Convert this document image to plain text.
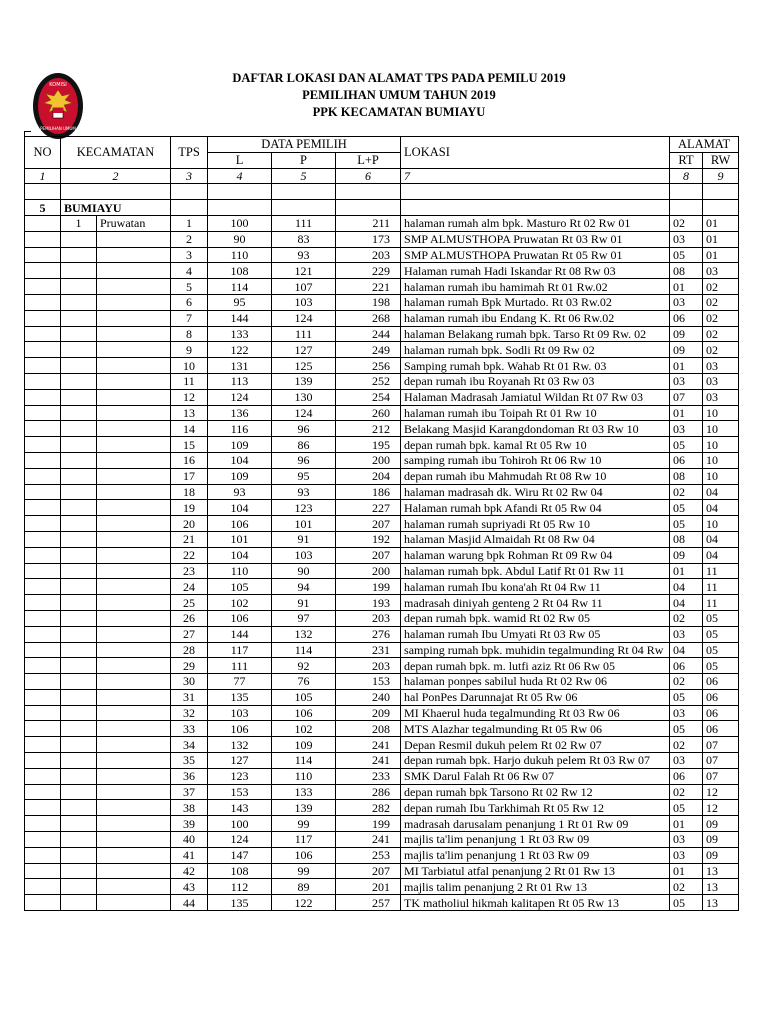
KOMISI
PEMILIHAN UMUM
DAFTAR LOKASI DAN ALAMAT TPS PADA PEMILU 2019
PEMILIHAN UMUM TAHUN 2019
PPK KECAMATAN BUMIAYU
NO	KECAMATAN		TPS	DATA PEMILIH			LOKASI	ALAMAT	
				L	P	L+P		RT	RW
1	2		3	4	5	6	7	8	9

5	BUMIAYU								
	1	Pruwatan	1	100	111	211	halaman rumah alm bpk. Masturo Rt 02 Rw 01	02	01
			2	90	83	173	SMP ALMUSTHOPA Pruwatan Rt 03 Rw 01	03	01
			3	110	93	203	SMP ALMUSTHOPA Pruwatan Rt 05 Rw 01	05	01
			4	108	121	229	Halaman rumah Hadi Iskandar Rt 08 Rw 03	08	03
			5	114	107	221	halaman rumah ibu hamimah Rt 01 Rw.02	01	02
			6	95	103	198	halaman rumah Bpk Murtado. Rt 03 Rw.02	03	02
			7	144	124	268	halaman rumah ibu Endang K. Rt 06 Rw.02	06	02
			8	133	111	244	halaman Belakang rumah bpk. Tarso Rt 09 Rw. 02	09	02
			9	122	127	249	halaman rumah bpk. Sodli Rt 09 Rw 02	09	02
			10	131	125	256	Samping rumah bpk. Wahab Rt 01 Rw. 03	01	03
			11	113	139	252	depan rumah ibu Royanah Rt 03 Rw 03	03	03
			12	124	130	254	Halaman Madrasah Jamiatul Wildan Rt 07 Rw 03	07	03
			13	136	124	260	halaman rumah ibu Toipah Rt 01 Rw 10	01	10
			14	116	96	212	Belakang Masjid Karangdondoman Rt 03 Rw 10	03	10
			15	109	86	195	depan rumah bpk. kamal Rt 05 Rw 10	05	10
			16	104	96	200	samping rumah ibu Tohiroh Rt 06 Rw 10	06	10
			17	109	95	204	depan rumah ibu Mahmudah Rt 08 Rw 10	08	10
			18	93	93	186	halaman madrasah dk. Wiru Rt 02 Rw 04	02	04
			19	104	123	227	Halaman rumah bpk Afandi Rt 05 Rw 04	05	04
			20	106	101	207	halaman rumah supriyadi Rt 05 Rw 10	05	10
			21	101	91	192	halaman Masjid Almaidah Rt 08 Rw 04	08	04
			22	104	103	207	halaman warung bpk Rohman Rt 09 Rw 04	09	04
			23	110	90	200	halaman rumah bpk. Abdul Latif Rt 01 Rw 11	01	11
			24	105	94	199	halaman rumah Ibu kona'ah Rt 04 Rw 11	04	11
			25	102	91	193	madrasah diniyah genteng 2 Rt 04 Rw 11	04	11
			26	106	97	203	depan rumah bpk. wamid Rt 02 Rw 05	02	05
			27	144	132	276	halaman rumah Ibu Umyati Rt 03 Rw 05	03	05
			28	117	114	231	samping rumah bpk. muhidin tegalmunding Rt 04 Rw	04	05
			29	111	92	203	depan rumah bpk. m. lutfi aziz Rt 06 Rw 05	06	05
			30	77	76	153	halaman ponpes sabilul huda Rt 02 Rw 06	02	06
			31	135	105	240	hal PonPes Darunnajat Rt 05 Rw 06	05	06
			32	103	106	209	MI Khaerul huda tegalmunding Rt 03 Rw 06	03	06
			33	106	102	208	MTS Alazhar tegalmunding Rt 05 Rw 06	05	06
			34	132	109	241	Depan Resmil dukuh pelem Rt 02 Rw 07	02	07
			35	127	114	241	depan rumah bpk. Harjo dukuh pelem Rt 03 Rw 07	03	07
			36	123	110	233	SMK Darul Falah Rt 06 Rw 07	06	07
			37	153	133	286	depan rumah bpk Tarsono Rt 02 Rw 12	02	12
			38	143	139	282	depan rumah Ibu Tarkhimah Rt 05 Rw 12	05	12
			39	100	99	199	madrasah darusalam penanjung 1 Rt 01 Rw 09	01	09
			40	124	117	241	majlis ta'lim penanjung 1 Rt 03 Rw 09	03	09
			41	147	106	253	majlis ta'lim penanjung 1 Rt 03 Rw 09	03	09
			42	108	99	207	MI Tarbiatul atfal penanjung 2 Rt 01 Rw 13	01	13
			43	112	89	201	majlis talim penanjung 2 Rt 01 Rw 13	02	13
			44	135	122	257	TK matholiul hikmah kalitapen Rt 05 Rw 13	05	13
